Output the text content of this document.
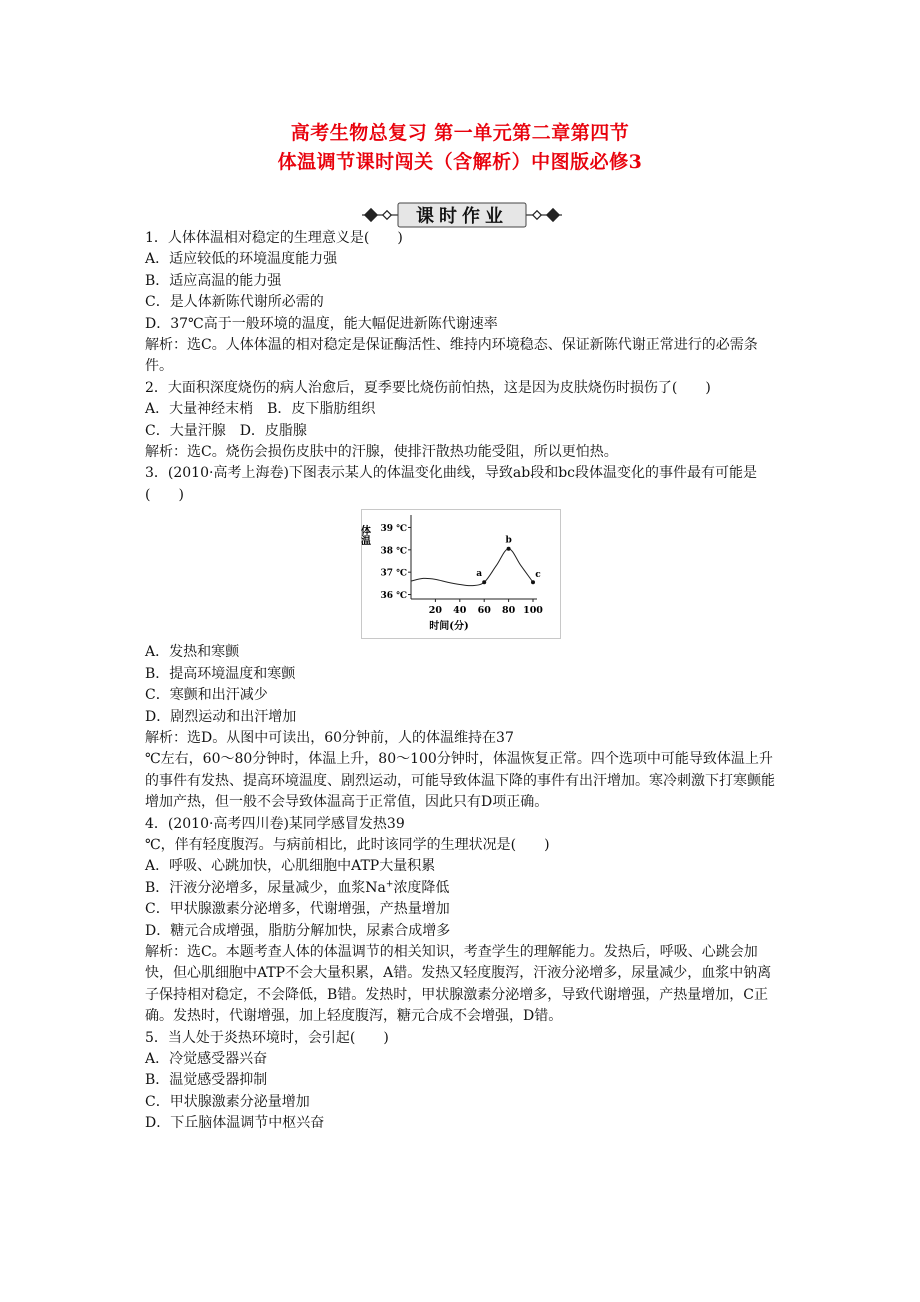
高考生物总复习 第一单元第二章第四节
体温调节课时闯关（含解析）中图版必修3
课时作业

1．人体体温相对稳定的生理意义是(　　)

A．适应较低的环境温度能力强

B．适应高温的能力强

C．是人体新陈代谢所必需的

D．37℃高于一般环境的温度，能大幅促进新陈代谢速率

解析：选C。人体体温的相对稳定是保证酶活性、维持内环境稳态、保证新陈代谢正常进行的必需条件。

2．大面积深度烧伤的病人治愈后，夏季要比烧伤前怕热，这是因为皮肤烧伤时损伤了(　　)

A．大量神经末梢　B．皮下脂肪组织

C．大量汗腺　D．皮脂腺

解析：选C。烧伤会损伤皮肤中的汗腺，使排汗散热功能受阻，所以更怕热。

3．(2010·高考上海卷)下图表示某人的体温变化曲线，导致ab段和bc段体温变化的事件最有可能是(　　)

体温
时间(分)
39 ℃
38 ℃
37 ℃
36 ℃
20 40 60 80 100
a
b
c

A．发热和寒颤

B．提高环境温度和寒颤

C．寒颤和出汗减少

D．剧烈运动和出汗增加

解析：选D。从图中可读出，60分钟前，人的体温维持在37

℃左右，60～80分钟时，体温上升，80～100分钟时，体温恢复正常。四个选项中可能导致体温上升的事件有发热、提高环境温度、剧烈运动，可能导致体温下降的事件有出汗增加。寒冷刺激下打寒颤能增加产热，但一般不会导致体温高于正常值，因此只有D项正确。

4．(2010·高考四川卷)某同学感冒发热39

℃，伴有轻度腹泻。与病前相比，此时该同学的生理状况是(　　)

A．呼吸、心跳加快，心肌细胞中ATP大量积累

B．汗液分泌增多，尿量减少，血浆Na+浓度降低

C．甲状腺激素分泌增多，代谢增强，产热量增加

D．糖元合成增强，脂肪分解加快，尿素合成增多

解析：选C。本题考查人体的体温调节的相关知识，考查学生的理解能力。发热后，呼吸、心跳会加快，但心肌细胞中ATP不会大量积累，A错。发热又轻度腹泻，汗液分泌增多，尿量减少，血浆中钠离子保持相对稳定，不会降低，B错。发热时，甲状腺激素分泌增多，导致代谢增强，产热量增加，C正确。发热时，代谢增强，加上轻度腹泻，糖元合成不会增强，D错。

5．当人处于炎热环境时，会引起(　　)

A．冷觉感受器兴奋

B．温觉感受器抑制

C．甲状腺激素分泌量增加

D．下丘脑体温调节中枢兴奋
